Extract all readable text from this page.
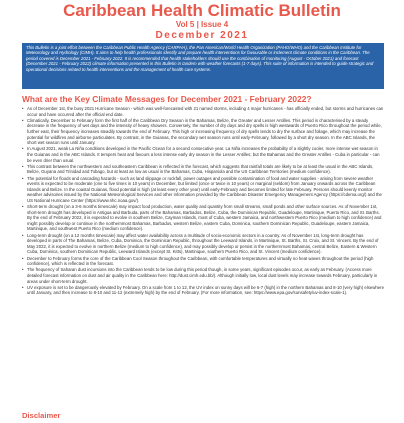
Caribbean Health Climatic Bulletin
Vol 5 | Issue 4
December 2021
This Bulletin is a joint effort between the Caribbean Public Health Agency (CARPHA), the Pan American/World Health Organization (PAHO/WHO) and the Caribbean Institute for Meteorology and Hydrology (CIMH). It aims to help health professionals identify and prepare health interventions for favourable or inclement climate conditions in the Caribbean. The period covered is December 2021 - February 2022. It is recommended that health stakeholders should use the combination of monitoring (August - October 2021) and forecast (December 2021 - February 2022) climate information presented in this Bulletin in tandem with weather forecasts (1-7 days). This suite of information is intended to guide strategic and operational decisions related to health interventions and the management of health care systems.
What are the Key Climate Messages for December 2021 - February 2022?
• As of December 1st, the busy 2021 Hurricane Season - which was well-forecasted with 21 named storms, including 4 major hurricanes - has officially ended, but storms and hurricanes can occur and have occurred after the official end date.
• Climatically, December to February form the first half of the Caribbean Dry Season in the Bahamas, Belize, the Greater and Lesser Antilles. This period is characterised by a steady decrease in the frequency of wet days and the intensity of heavy showers. Conversely, the number of dry days and dry spells is high westwards of Puerto Rico throughout the period while, further east, their frequency increases steadily towards the end of February. This high or increasing frequency of dry spells tends to dry the surface and foliage, which may increase the potential for wildfires and airborne particulates. By contrast, in the Guianas, the secondary wet season runs until early-February, followed by a short dry season. In the ABC Islands, the short wet season runs until January.
• In August 2021, weak La Niña conditions developed in the Pacific Ocean for a second consecutive year. La Niña increases the probability of a slightly cooler, more intense wet season in the Guianas and in the ABC Islands. It tempers heat and favours a less intense early dry season in the Lesser Antilles; but the Bahamas and the Greater Antilles - Cuba in particular - can be even drier than usual.
• This contrast between the northwestern and southeastern Caribbean is reflected in the forecast, which suggests that rainfall totals are likely to be at least the usual in the ABC Islands, Belize, Guyana and Trinidad and Tobago, but at least as low as usual in the Bahamas, Cuba, Hispaniola and the US Caribbean Territories (medium confidence).
• The potential for floods and cascading hazards - such as land slippage or rockfall, power outages and possible contamination of food and water supplies - arising from severe weather events is expected to be moderate (one to five times in 10 years) in December, but limited (once or twice in 10 years) or marginal (seldom) from January onwards across the Caribbean Islands and Belize. In the coastal Guianas, flood potential is high (at least every other year) until early-February and becomes limited for late February. Persons should keenly monitor weather advisories issued by the National Meteorological Services and other information provided by the Caribbean Disaster Emergency Management Agency (https://cdema.org/) and the US National Hurricane Center (https://www.nhc.noaa.gov/).
• Short-term drought (on a 3-6 months timescale) may impact food production, water quality and quantity from small streams, small ponds and other surface sources. As of November 1st, short-term drought has developed in Antigua and Barbuda, parts of the Bahamas, Barbados, Belize, Cuba, the Dominican Republic, Guadeloupe, Martinique, Puerto Rico, and St. Barths. By the end of February 2022, it is expected to evolve in southern Belize, Cayman Islands, most of Cuba, western Jamaica, and northwestern Puerto Rico (medium to high confidence) and might possibly develop or continue in the northernmost Bahamas, Barbados, western Belize, eastern Cuba, Dominica, southern Dominican Republic, Guadeloupe, eastern Jamaica, Martinique, and southwest Puerto Rico (medium confidence).
• Long-term drought (on a 12 months timescale) may affect water availability across a multitude of socio-economic sectors in a country. As of November 1st, long-term drought has developed in parts of The Bahamas, Belize, Cuba, Dominica, the Dominican Republic, throughout the Leeward Islands, in Martinique, St. Barths, St. Croix, and St. Vincent. By the end of May 2022, it is expected to evolve in northern Belize (medium to high confidence), and may possibly develop or persist in the northernmost Bahamas, central Belize, Eastern & Western Cuba, Dominica, southern Dominican Republic, Leeward Islands (except St. Kitts), Martinique, southern Puerto Rico, and St. Vincent (medium confidence).
• December to February forms the core of the Caribbean Cool Season throughout the Caribbean, with comfortable temperatures and virtually no heat waves throughout the period (high confidence), which is reflected in the forecast.
• The frequency of Saharan dust incursions into the Caribbean tends to be low during this period though, in some years, significant episodes occur, as early as February. (Access more detailed forecast information on dust and air quality in the Caribbean here: http://dust.cimh.edu.bb/). Although initially low, local dust levels may increase towards February, particularly in areas under short-term drought.
• UV exposure is set to be dangerously elevated by February. On a scale from 1 to 12, the UV index on sunny days will be 6-7 (high) in the northern Bahamas and 8-10 (very high) elsewhere until January, and then increase to 8-10 and 11-12 (extremely high) by the end of February. (For more information, see: https://www.epa.gov/sunsafety/uv-index-scale-1).
Disclaimer
